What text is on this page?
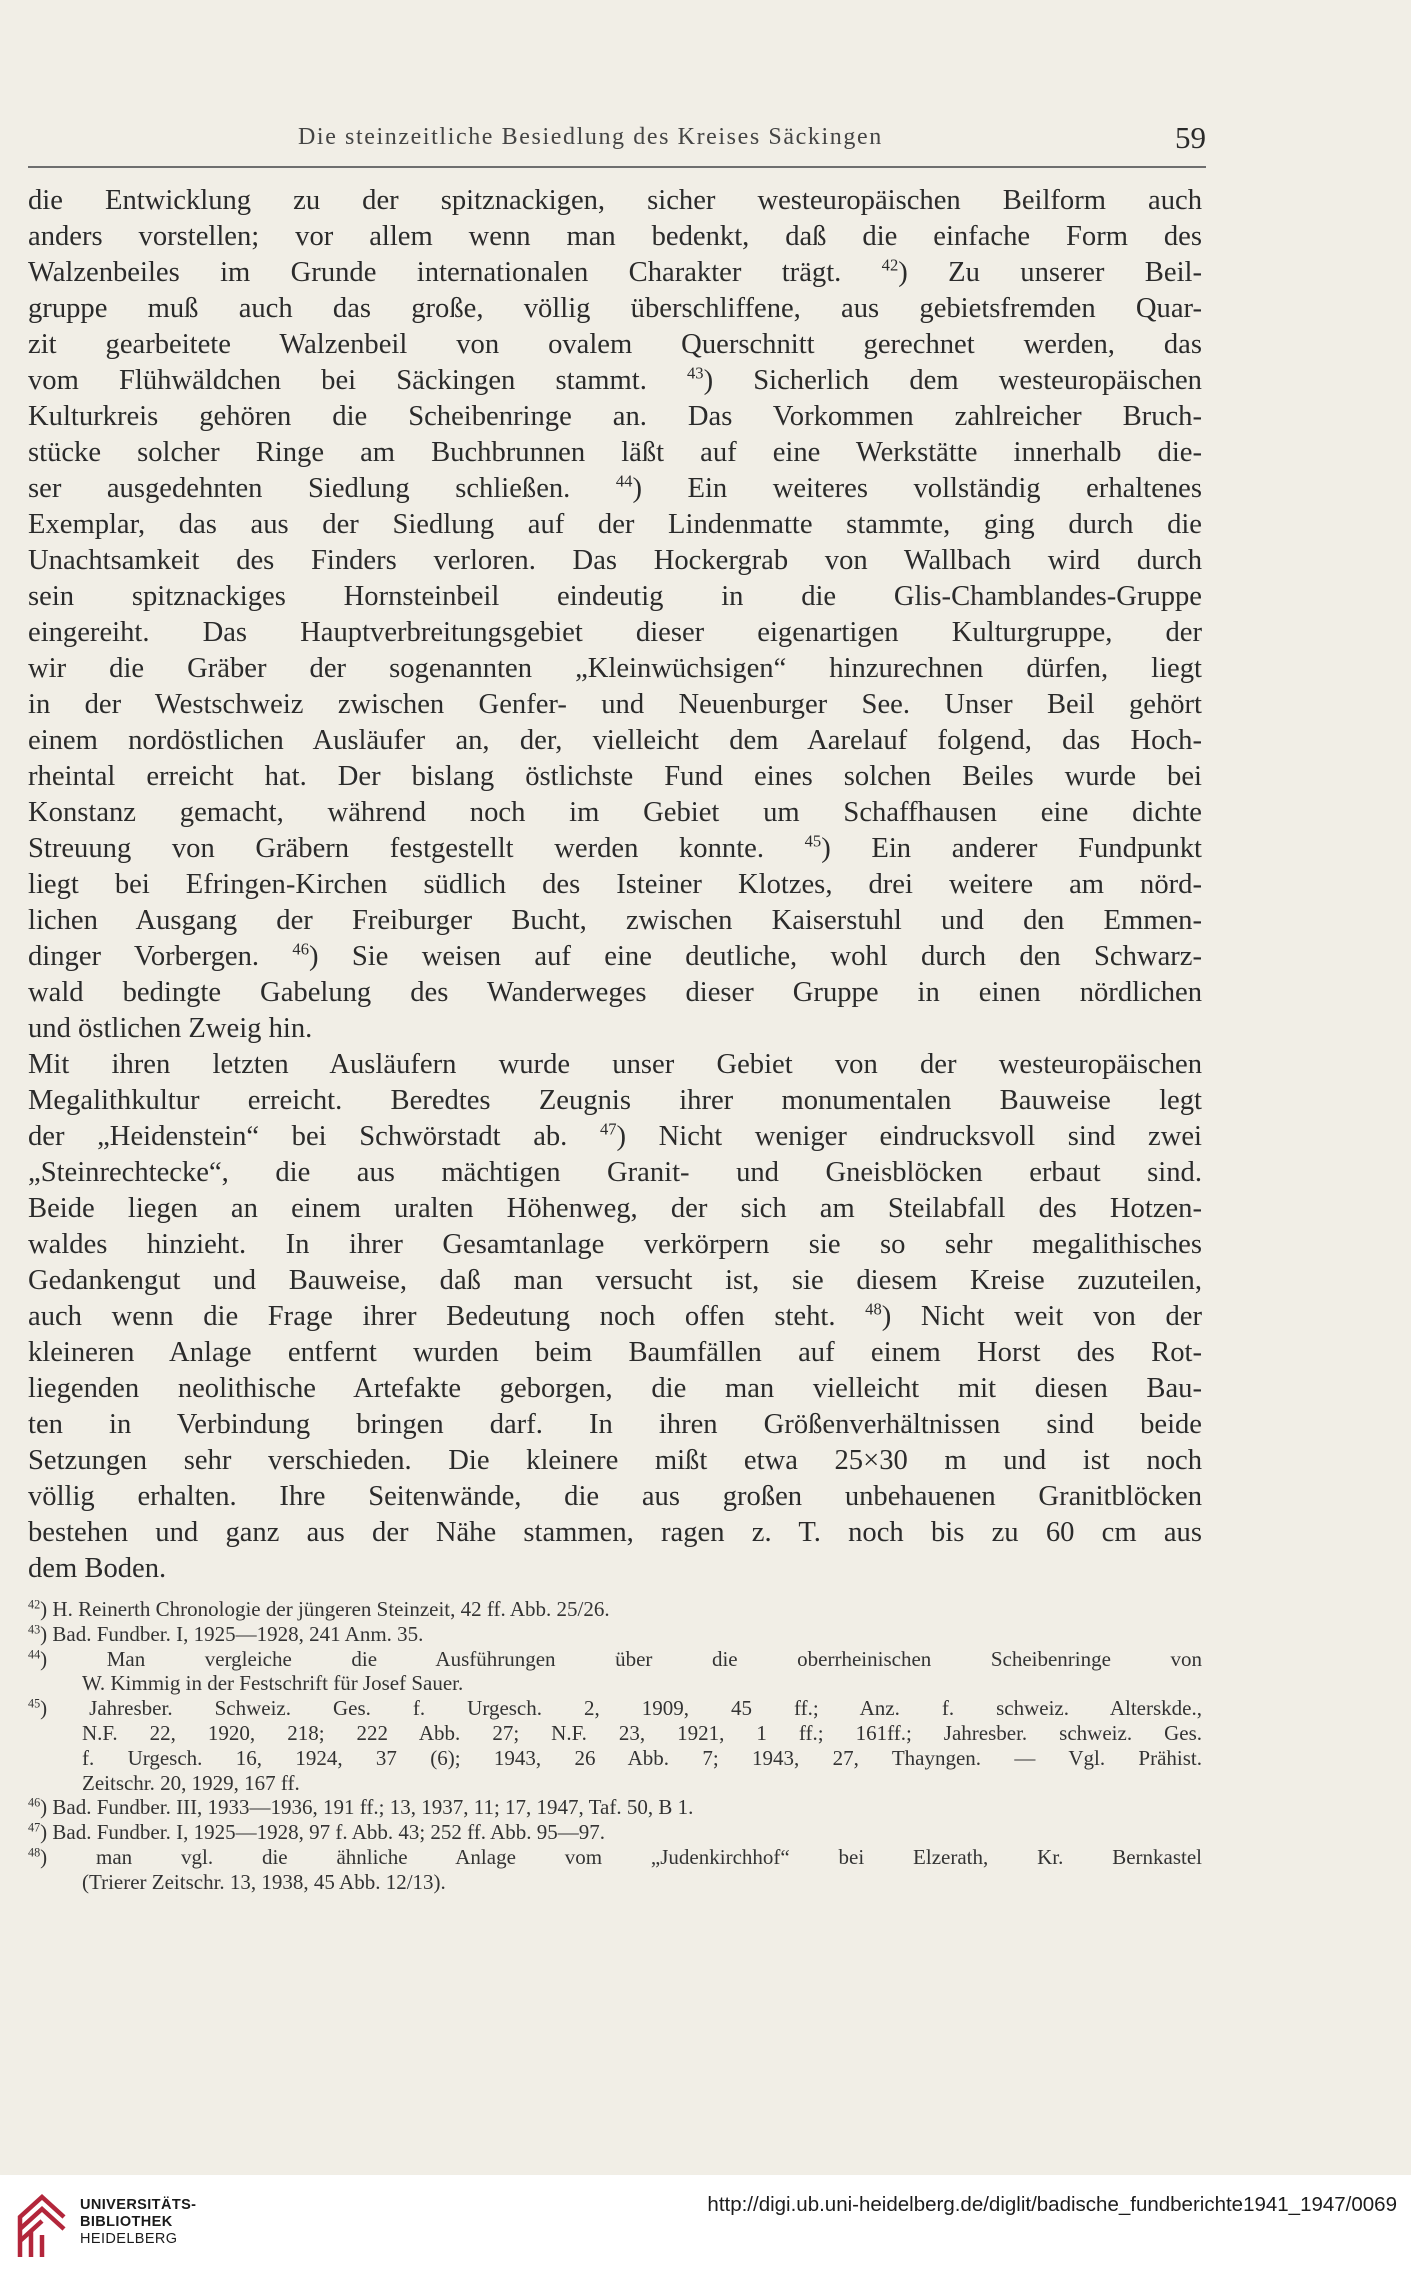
Die steinzeitliche Besiedlung des Kreises Säckingen	59
die Entwicklung zu der spitznackigen, sicher westeuropäischen Beilform auch
anders vorstellen; vor allem wenn man bedenkt, daß die einfache Form des
Walzenbeiles im Grunde internationalen Charakter trägt. $^{42}$) Zu unserer Beil-
gruppe muß auch das große, völlig überschliffene, aus gebietsfremden Quar-
zit gearbeitete Walzenbeil von ovalem Querschnitt gerechnet werden, das
vom Flühwäldchen bei Säckingen stammt. $^{43}$) Sicherlich dem westeuropäischen
Kulturkreis gehören die Scheibenringe an. Das Vorkommen zahlreicher Bruch-
stücke solcher Ringe am Buchbrunnen läßt auf eine Werkstätte innerhalb die-
ser ausgedehnten Siedlung schließen.	$^{44}$) Ein weiteres vollständig erhaltenes
Exemplar, das aus der Siedlung auf der Lindenmatte stammte, ging durch die
Unachtsamkeit des Finders verloren. Das Hockergrab von Wallbach wird durch
sein spitznackiges Hornsteinbeil eindeutig in die Glis-Chamblandes-Gruppe
eingereiht. Das Hauptverbreitungsgebiet dieser eigenartigen Kulturgruppe, der
wir die Gräber der sogenannten „Kleinwüchsigen“ hinzurechnen dürfen, liegt
in der Westschweiz zwischen Genfer- und Neuenburger See. Unser Beil gehört
einem nordöstlichen Ausläufer an, der, vielleicht dem Aarelauf folgend, das Hoch-
rheintal erreicht hat. Der bislang östlichste Fund eines solchen Beiles wurde bei
Konstanz gemacht, während noch im Gebiet um Schaffhausen eine dichte
Streuung von Gräbern festgestellt werden konnte. $^{45}$) Ein anderer Fundpunkt
liegt bei Efringen-Kirchen südlich des Isteiner Klotzes, drei weitere am nörd-
lichen Ausgang der Freiburger Bucht, zwischen Kaiserstuhl und den Emmen-
dinger Vorbergen. $^{46}$) Sie weisen auf eine deutliche, wohl durch den Schwarz-
wald bedingte Gabelung des Wanderweges dieser Gruppe in einen nördlichen
und östlichen Zweig hin.
Mit ihren letzten Ausläufern wurde unser Gebiet von der westeuropäischen
Megalithkultur erreicht. Beredtes Zeugnis ihrer monumentalen Bauweise legt
der „Heidenstein“ bei Schwörstadt ab. $^{47}$) Nicht weniger eindrucksvoll sind zwei
„Steinrechtecke“, die aus mächtigen Granit- und Gneisblöcken erbaut sind.
Beide liegen an einem uralten Höhenweg, der sich am Steilabfall des Hotzen-
waldes hinzieht. In ihrer Gesamtanlage verkörpern sie so sehr megalithisches
Gedankengut und Bauweise, daß man versucht ist, sie diesem Kreise zuzuteilen,
auch wenn die Frage ihrer Bedeutung noch offen steht. $^{48}$) Nicht weit von der
kleineren Anlage entfernt wurden beim Baumfällen auf einem Horst des Rot-
liegenden neolithische Artefakte geborgen, die man vielleicht mit diesen Bau-
ten in Verbindung bringen darf. In ihren Größenverhältnissen sind beide
Setzungen sehr verschieden. Die kleinere mißt etwa 25×30 m und ist noch
völlig erhalten. Ihre Seitenwände, die aus großen unbehauenen Granitblöcken
bestehen und ganz aus der Nähe stammen, ragen z. T. noch bis zu 60 cm aus
dem Boden.
$^{42}$) H. Reinerth Chronologie der jüngeren Steinzeit, 42 ff. Abb. 25/26.
$^{43}$) Bad. Fundber. I, 1925—1928, 241 Anm. 35.
$^{44}$) Man vergleiche die Ausführungen über die oberrheinischen Scheibenringe von
W. Kimmig in der Festschrift für Josef Sauer.
$^{45}$) Jahresber. Schweiz. Ges. f. Urgesch. 2, 1909, 45 ff.; Anz. f. schweiz. Alterskde.,
N.F. 22, 1920, 218; 222 Abb. 27; N.F. 23, 1921, 1 ff.; 161ff.; Jahresber. schweiz. Ges.
f. Urgesch. 16, 1924, 37 (6); 1943, 26 Abb. 7; 1943, 27, Thayngen. — Vgl. Prähist.
Zeitschr. 20, 1929, 167 ff.
$^{46}$) Bad. Fundber. III, 1933—1936, 191 ff.; 13, 1937, 11; 17, 1947, Taf. 50, B 1.
$^{47}$) Bad. Fundber. I, 1925—1928, 97 f. Abb. 43; 252 ff. Abb. 95—97.
$^{48}$) man vgl. die ähnliche Anlage vom „Judenkirchhof“ bei Elzerath, Kr. Bernkastel
(Trierer Zeitschr. 13, 1938, 45 Abb. 12/13).
UNIVERSITÄTS-
BIBLIOTHEK
HEIDELBERG
http://digi.ub.uni-heidelberg.de/diglit/badische_fundberichte1941_1947/0069
